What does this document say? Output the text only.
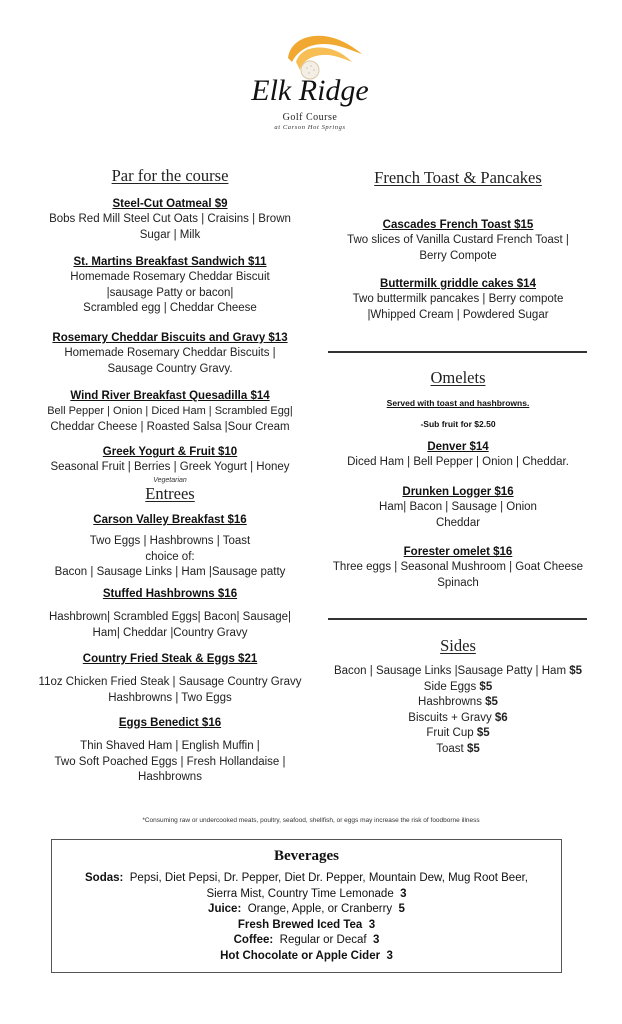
Elk Ridge
Golf Course
at Carson Hot Springs
Par for the course
Steel-Cut Oatmeal $9
Bobs Red Mill Steel Cut Oats | Craisins | Brown
Sugar | Milk
St. Martins Breakfast Sandwich $11
Homemade Rosemary Cheddar Biscuit
|sausage Patty or bacon|
Scrambled egg | Cheddar Cheese
Rosemary Cheddar Biscuits and Gravy $13
Homemade Rosemary Cheddar Biscuits |
Sausage Country Gravy.
Wind River Breakfast Quesadilla $14
Bell Pepper | Onion | Diced Ham | Scrambled Egg|
Cheddar Cheese | Roasted Salsa |Sour Cream
Greek Yogurt & Fruit $10
Seasonal Fruit | Berries | Greek Yogurt | Honey
Vegetarian
Entrees
Carson Valley Breakfast $16
Two Eggs | Hashbrowns | Toast
choice of:
Bacon | Sausage Links | Ham |Sausage patty
Stuffed Hashbrowns $16
Hashbrown| Scrambled Eggs| Bacon| Sausage|
Ham| Cheddar |Country Gravy
Country Fried Steak & Eggs $21
11oz Chicken Fried Steak | Sausage Country Gravy
Hashbrowns | Two Eggs
Eggs Benedict $16
Thin Shaved Ham | English Muffin |
Two Soft Poached Eggs | Fresh Hollandaise |
Hashbrowns
French Toast & Pancakes
Cascades French Toast $15
Two slices of Vanilla Custard French Toast |
Berry Compote
Buttermilk griddle cakes $14
Two buttermilk pancakes | Berry compote
|Whipped Cream | Powdered Sugar
Omelets
Served with toast and hashbrowns.
-Sub fruit for $2.50
Denver $14
Diced Ham | Bell Pepper | Onion | Cheddar.
Drunken Logger $16
Ham| Bacon | Sausage | Onion
Cheddar
Forester omelet $16
Three eggs | Seasonal Mushroom | Goat Cheese
Spinach
Sides
Bacon | Sausage Links |Sausage Patty | Ham $5
Side Eggs $5
Hashbrowns $5
Biscuits + Gravy $6
Fruit Cup $5
Toast $5
*Consuming raw or undercooked meats, poultry, seafood, shellfish, or eggs may increase the risk of foodborne illness
Beverages
Sodas: Pepsi, Diet Pepsi, Dr. Pepper, Diet Dr. Pepper, Mountain Dew, Mug Root Beer,
Sierra Mist, Country Time Lemonade 3
Juice: Orange, Apple, or Cranberry 5
Fresh Brewed Iced Tea 3
Coffee: Regular or Decaf 3
Hot Chocolate or Apple Cider 3
